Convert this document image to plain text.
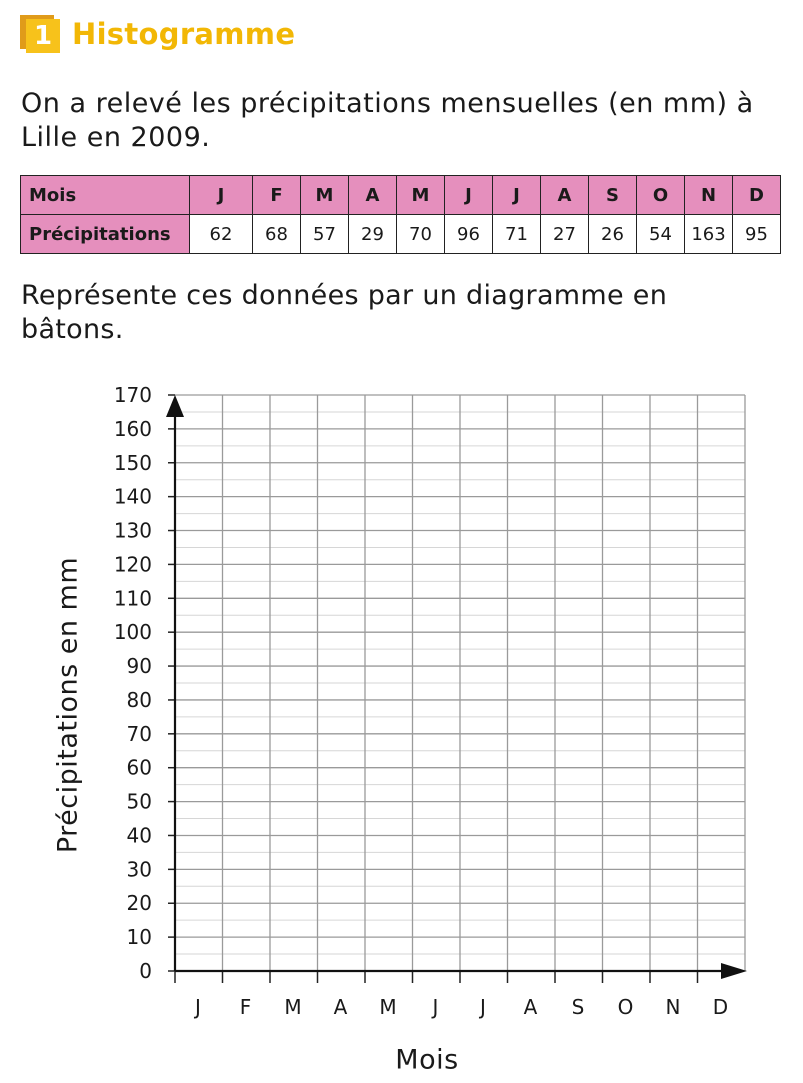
1 Histogramme

On a relevé les précipitations mensuelles (en mm) à Lille en 2009.

Mois	J	F	M	A	M	J	J	A	S	O	N	D
Précipitations	62	68	57	29	70	96	71	27	26	54	163	95

Représente ces données par un diagramme en bâtons.

0
10
20
30
40
50
60
70
80
90
100
110
120
130
140
150
160
170
J F M A M J J A S O N D
Précipitations en mm
Mois
